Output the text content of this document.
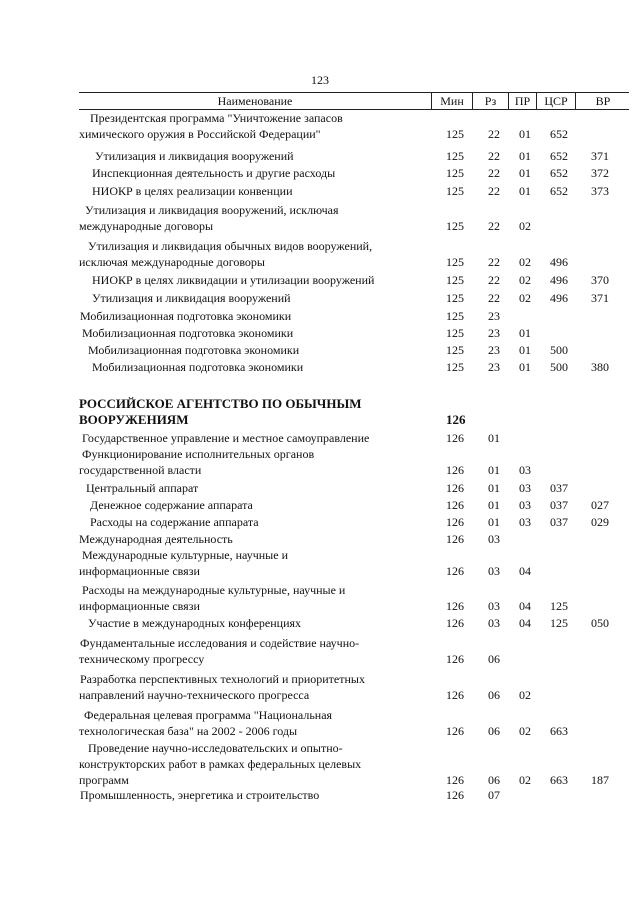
123
Наименование	Мин	Рз	ПР	ЦСР	ВР
Президентская программа "Уничтожение запасов
химического оружия в Российской Федерации"	125 22 01 652
Утилизация и ликвидация вооружений	125 22 01 652 371
Инспекционная деятельность и другие расходы	125 22 01 652 372
НИОКР в целях реализации конвенции	125 22 01 652 373
Утилизация и ликвидация вооружений, исключая
международные договоры	125 22 02
Утилизация и ликвидация обычных видов вооружений,
исключая международные договоры	125 22 02 496
НИОКР в целях ликвидации и утилизации вооружений	125 22 02 496 370
Утилизация и ликвидация вооружений	125 22 02 496 371
Мобилизационная подготовка экономики	125 23
Мобилизационная подготовка экономики	125 23 01
Мобилизационная подготовка экономики	125 23 01 500
Мобилизационная подготовка экономики	125 23 01 500 380
РОССИЙСКОЕ АГЕНТСТВО ПО ОБЫЧНЫМ
ВООРУЖЕНИЯМ	126
Государственное управление и местное самоуправление	126 01
Функционирование исполнительных органов
государственной власти	126 01 03
Центральный аппарат	126 01 03 037
Денежное содержание аппарата	126 01 03 037 027
Расходы на содержание аппарата	126 01 03 037 029
Международная деятельность	126 03
Международные культурные, научные и
информационные связи	126 03 04
Расходы на международные культурные, научные и
информационные связи	126 03 04 125
Участие в международных конференциях	126 03 04 125 050
Фундаментальные исследования и содействие научно-
техническому прогрессу	126 06
Разработка перспективных технологий и приоритетных
направлений научно-технического прогресса	126 06 02
Федеральная целевая программа "Национальная
технологическая база" на 2002 - 2006 годы	126 06 02 663
Проведение научно-исследовательских и опытно-
конструкторских работ в рамках федеральных целевых
программ	126 06 02 663 187
Промышленность, энергетика и строительство	126 07
